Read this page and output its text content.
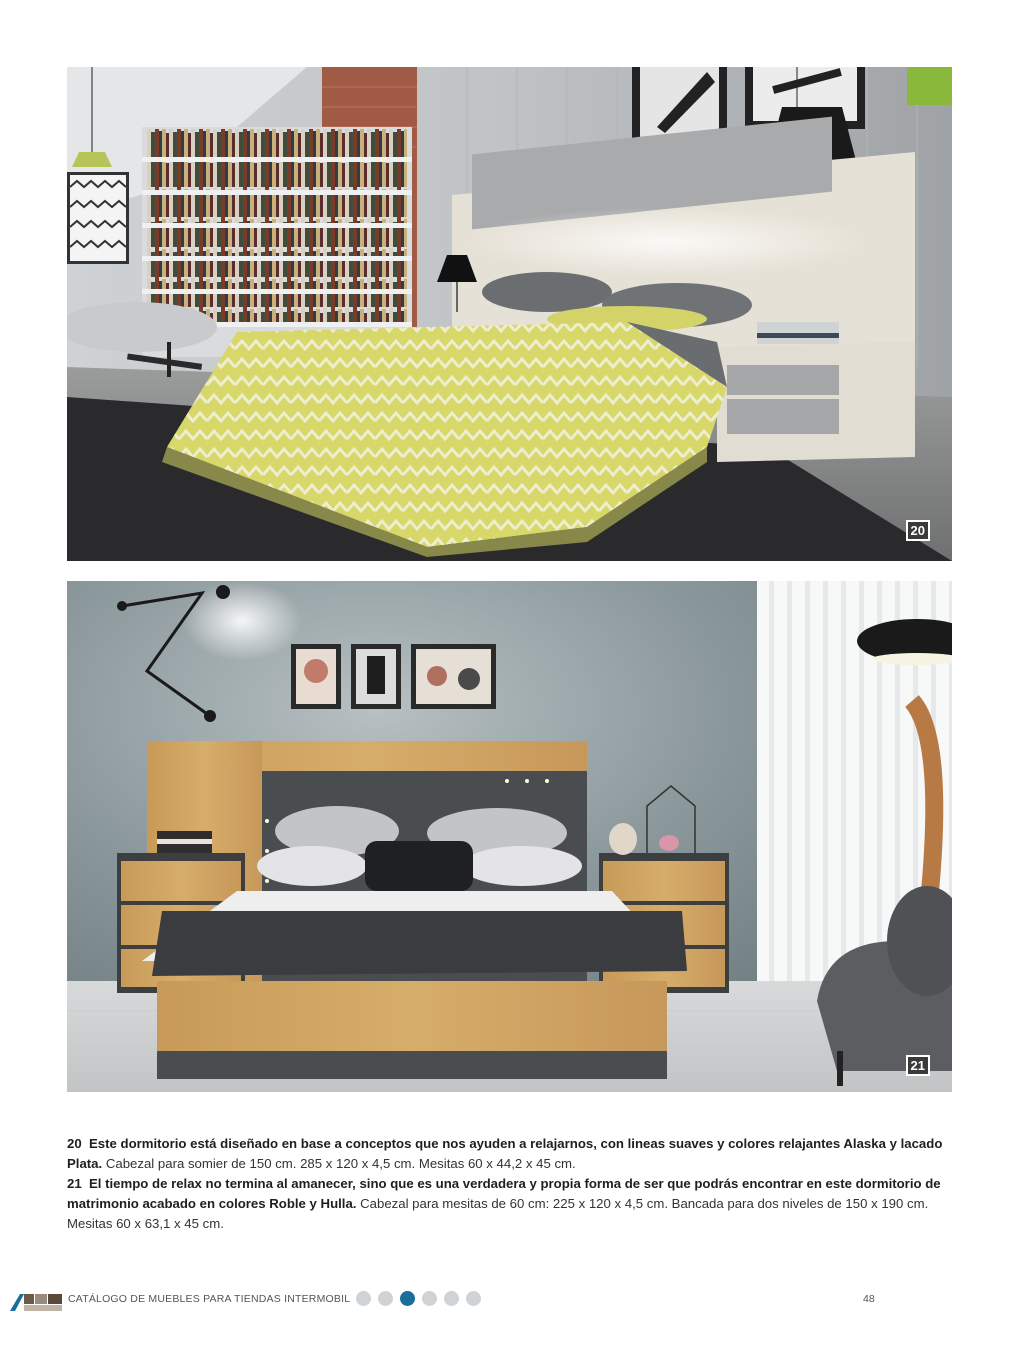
20
21

20 Este dormitorio está diseñado en base a conceptos que nos ayuden a relajarnos, con lineas suaves y colores relajantes Alaska y lacado Plata. Cabezal para somier de 150 cm. 285 x 120 x 4,5 cm. Mesitas 60 x 44,2 x 45 cm.

21 El tiempo de relax no termina al amanecer, sino que es una verdadera y propia forma de ser que podrás encontrar en este dormitorio de matrimonio acabado en colores Roble y Hulla. Cabezal para mesitas de 60 cm: 225 x 120 x 4,5 cm. Bancada para dos niveles de 150 x 190 cm. Mesitas 60 x 63,1 x 45 cm.

CATÁLOGO DE MUEBLES PARA TIENDAS INTERMOBIL	48
